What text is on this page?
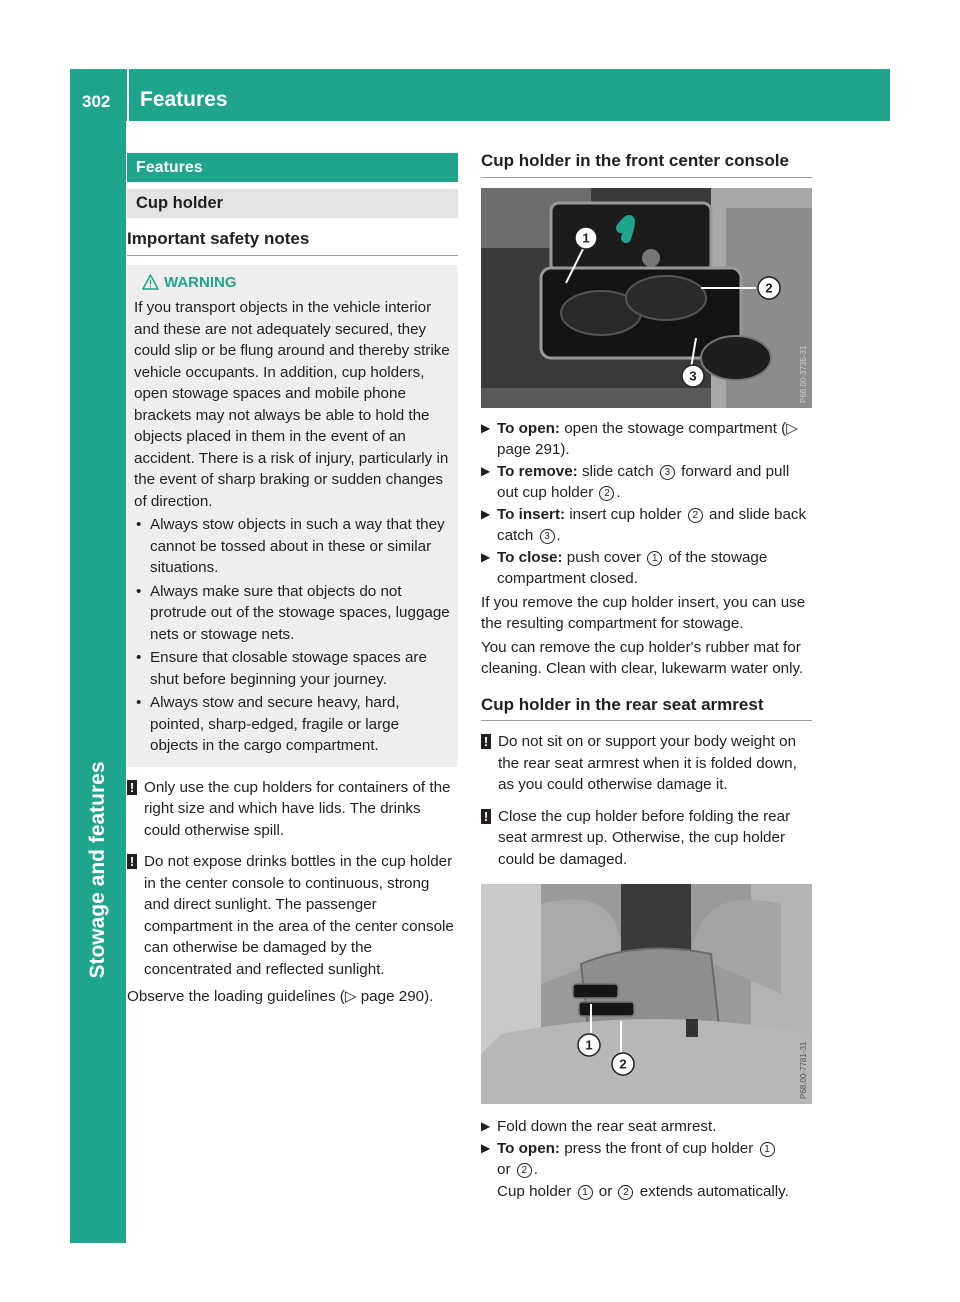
302 Features
Stowage and features
Features
Cup holder
Important safety notes
WARNING
If you transport objects in the vehicle interior and these are not adequately secured, they could slip or be flung around and thereby strike vehicle occupants. In addition, cup holders, open stowage spaces and mobile phone brackets may not always be able to hold the objects placed in them in the event of an accident. There is a risk of injury, particularly in the event of sharp braking or sudden changes of direction.
• Always stow objects in such a way that they cannot be tossed about in these or similar situations.
• Always make sure that objects do not protrude out of the stowage spaces, luggage nets or stowage nets.
• Ensure that closable stowage spaces are shut before beginning your journey.
• Always stow and secure heavy, hard, pointed, sharp-edged, fragile or large objects in the cargo compartment.
! Only use the cup holders for containers of the right size and which have lids. The drinks could otherwise spill.
! Do not expose drinks bottles in the cup holder in the center console to continuous, strong and direct sunlight. The passenger compartment in the area of the center console can otherwise be damaged by the concentrated and reflected sunlight.
Observe the loading guidelines (▷ page 290).
Cup holder in the front center console
1
2
3	P68.00-3735-31
▶ To open: open the stowage compartment (▷ page 291).
▶ To remove: slide catch 3 forward and pull out cup holder 2 .
▶ To insert: insert cup holder 2 and slide back catch 3 .
▶ To close: push cover 1 of the stowage compartment closed.
If you remove the cup holder insert, you can use the resulting compartment for stowage.
You can remove the cup holder's rubber mat for cleaning. Clean with clear, lukewarm water only.
Cup holder in the rear seat armrest
! Do not sit on or support your body weight on the rear seat armrest when it is folded down, as you could otherwise damage it.
! Close the cup holder before folding the rear seat armrest up. Otherwise, the cup holder could be damaged.
1
2	P68.00-7781-31
▶ Fold down the rear seat armrest.
▶ To open: press the front of cup holder 1
or 2 .
Cup holder 1 or 2 extends automatically.
